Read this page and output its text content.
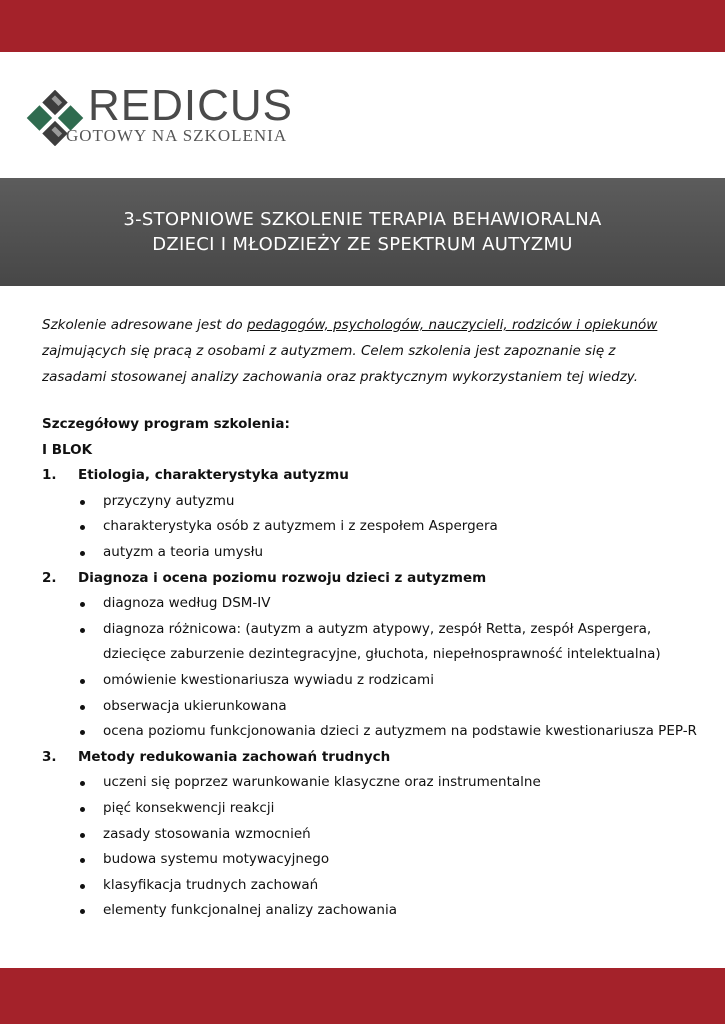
REDICUS
GOTOWY NA SZKOLENIA
3-STOPNIOWE SZKOLENIE TERAPIA BEHAWIORALNA
DZIECI I MŁODZIEŻY ZE SPEKTRUM AUTYZMU
Szkolenie adresowane jest do pedagogów, psychologów, nauczycieli, rodziców i opiekunów
zajmujących się pracą z osobami z autyzmem. Celem szkolenia jest zapoznanie się z
zasadami stosowanej analizy zachowania oraz praktycznym wykorzystaniem tej wiedzy.
Szczegółowy program szkolenia:
I BLOK
1.	Etiologia, charakterystyka autyzmu
przyczyny autyzmu
charakterystyka osób z autyzmem i z zespołem Aspergera
autyzm a teoria umysłu
2.	Diagnoza i ocena poziomu rozwoju dzieci z autyzmem
diagnoza według DSM-IV
diagnoza różnicowa: (autyzm a autyzm atypowy, zespół Retta, zespół Aspergera, dziecięce zaburzenie dezintegracyjne, głuchota, niepełnosprawność intelektualna)
omówienie kwestionariusza wywiadu z rodzicami
obserwacja ukierunkowana
ocena poziomu funkcjonowania dzieci z autyzmem na podstawie kwestionariusza PEP-R
3.	Metody redukowania zachowań trudnych
uczeni się poprzez warunkowanie klasyczne oraz instrumentalne
pięć konsekwencji reakcji
zasady stosowania wzmocnień
budowa systemu motywacyjnego
klasyfikacja trudnych zachowań
elementy funkcjonalnej analizy zachowania
